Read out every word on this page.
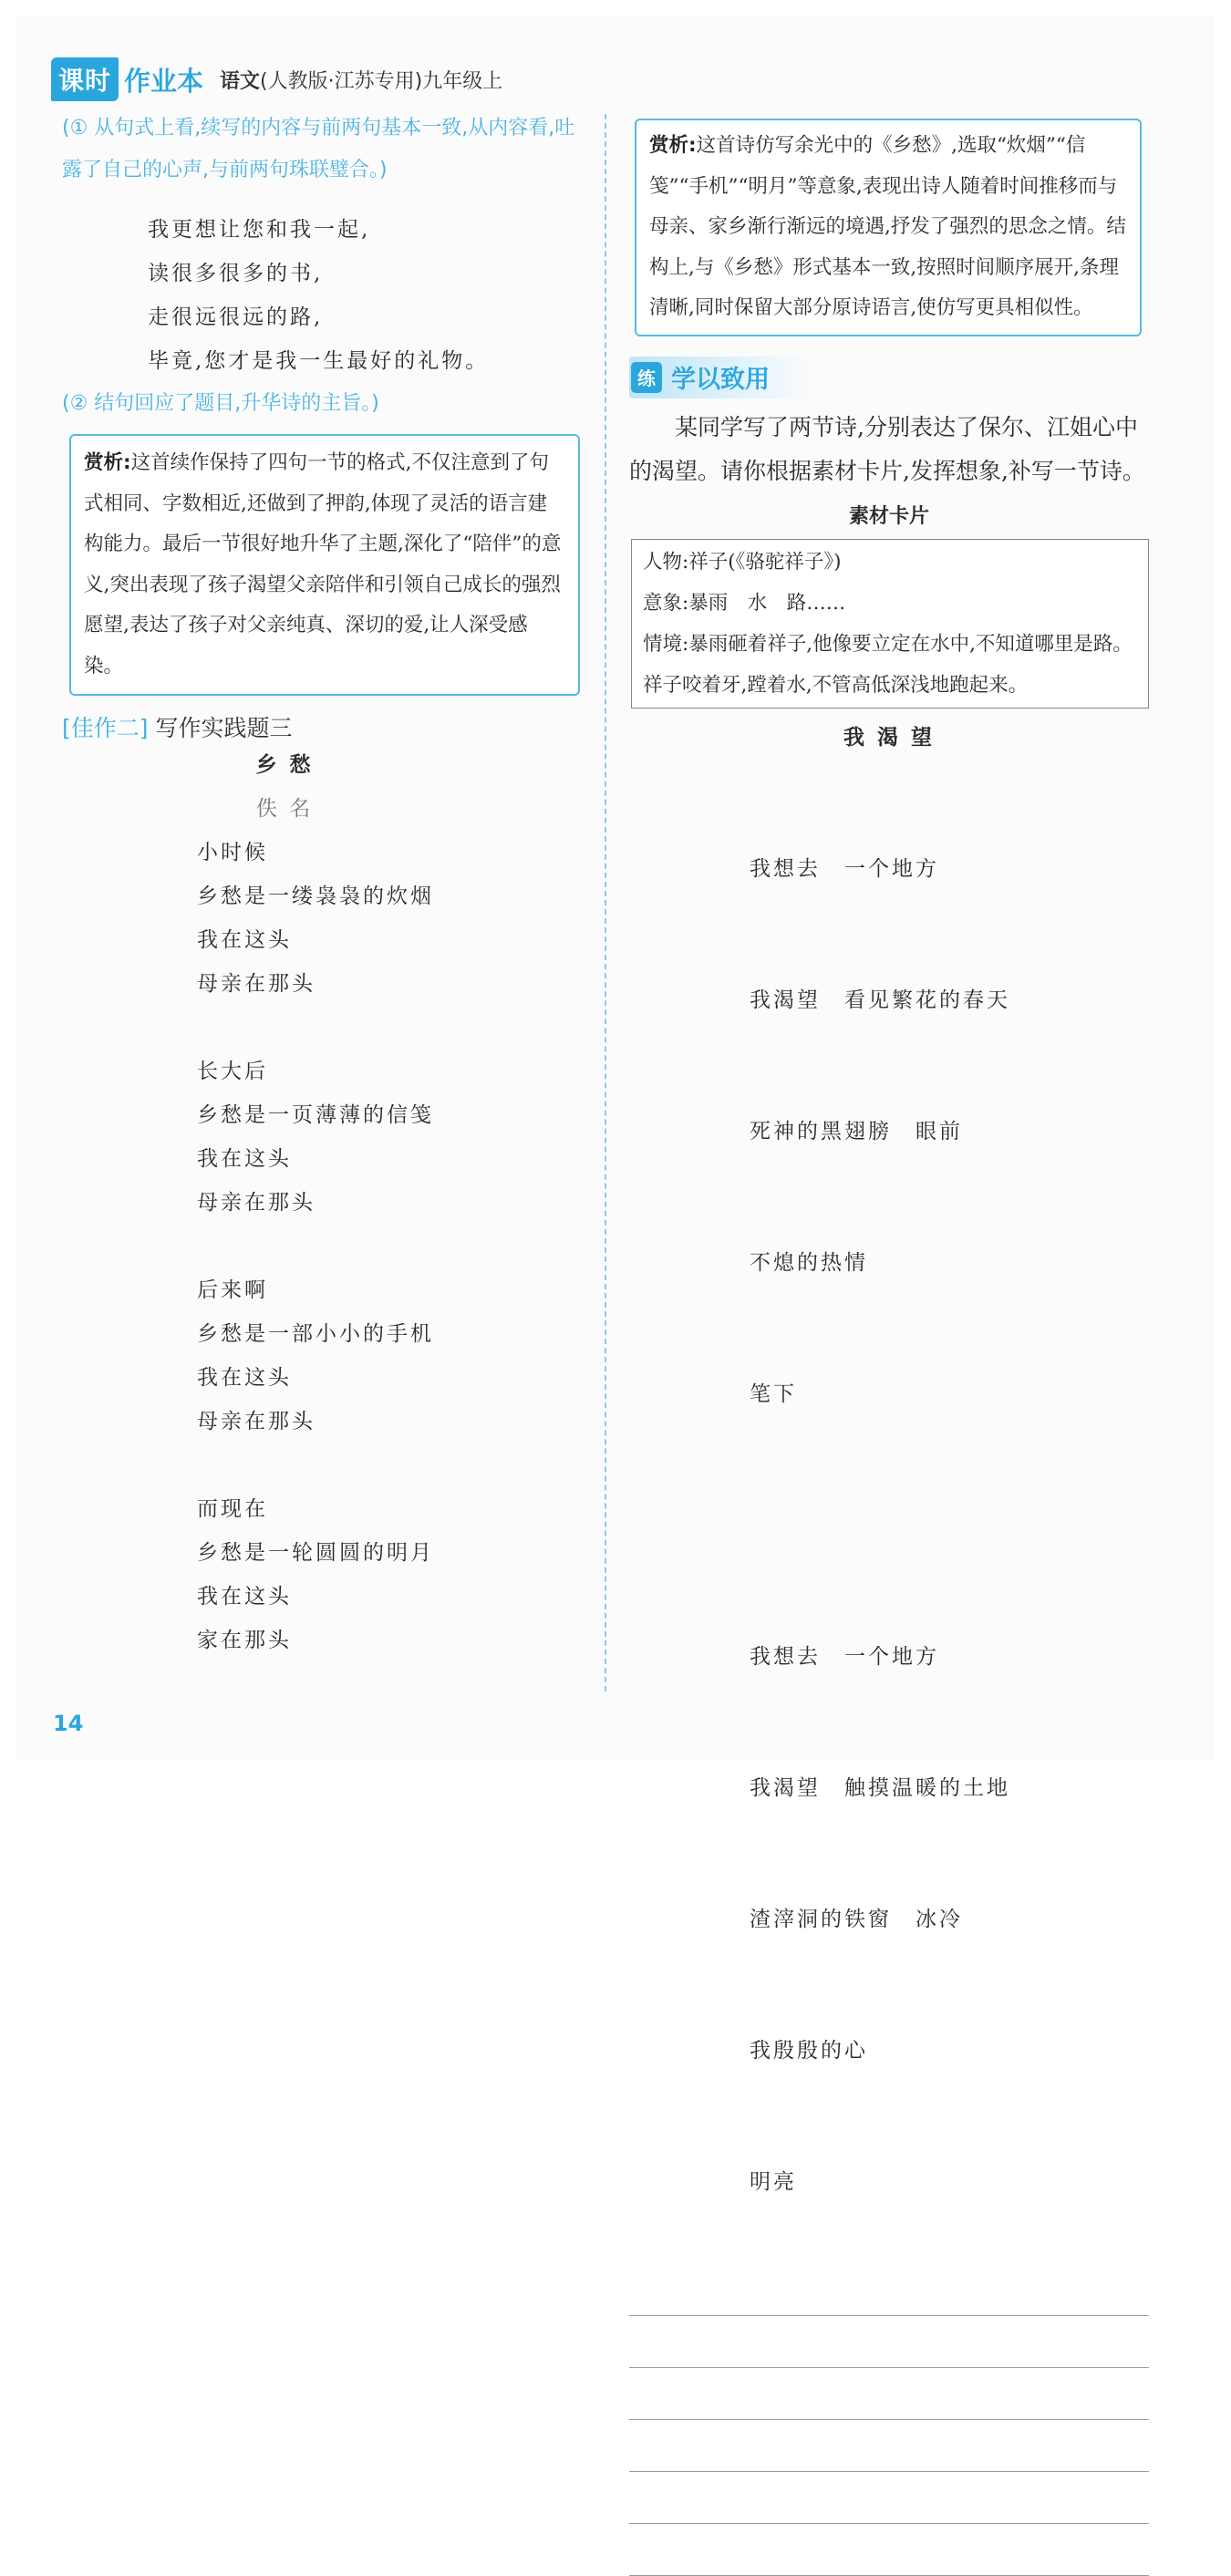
课时 作业本 语文(人教版·江苏专用)九年级上

(① 从句式上看,续写的内容与前两句基本一致,从内容看,吐露了自己的心声,与前两句珠联璧合。)

我更想让您和我一起,
读很多很多的书,
走很远很远的路,
毕竟,您才是我一生最好的礼物。

(② 结句回应了题目,升华诗的主旨。)

赏析:这首续作保持了四句一节的格式,不仅注意到了句式相同、字数相近,还做到了押韵,体现了灵活的语言建构能力。最后一节很好地升华了主题,深化了“陪伴”的意义,突出表现了孩子渴望父亲陪伴和引领自己成长的强烈愿望,表达了孩子对父亲纯真、深切的爱,让人深受感染。
[佳作二] 写作实践题三
乡 愁
佚 名
小时候
乡愁是一缕袅袅的炊烟
我在这头
母亲在那头
长大后
乡愁是一页薄薄的信笺
我在这头
母亲在那头
后来啊
乡愁是一部小小的手机
我在这头
母亲在那头
而现在
乡愁是一轮圆圆的明月
我在这头
家在那头
赏析:这首诗仿写余光中的《乡愁》,选取“炊烟”“信笺”“手机”“明月”等意象,表现出诗人随着时间推移而与母亲、家乡渐行渐远的境遇,抒发了强烈的思念之情。结构上,与《乡愁》形式基本一致,按照时间顺序展开,条理清晰,同时保留大部分原诗语言,使仿写更具相似性。
练 学以致用

某同学写了两节诗,分别表达了保尔、江姐心中的渴望。请你根据素材卡片,发挥想象,补写一节诗。

素材卡片
人物:祥子(《骆驼祥子》)
意象:暴雨　水　路……
情境:暴雨砸着祥子,他像要立定在水中,不知道哪里是路。祥子咬着牙,蹚着水,不管高低深浅地跑起来。
我 渴 望

我想去　一个地方

我渴望　看见繁花的春天

死神的黑翅膀　眼前

不熄的热情

笔下

我想去　一个地方

我渴望　触摸温暖的土地

渣滓洞的铁窗　冰冷

我殷殷的心

明亮

14
